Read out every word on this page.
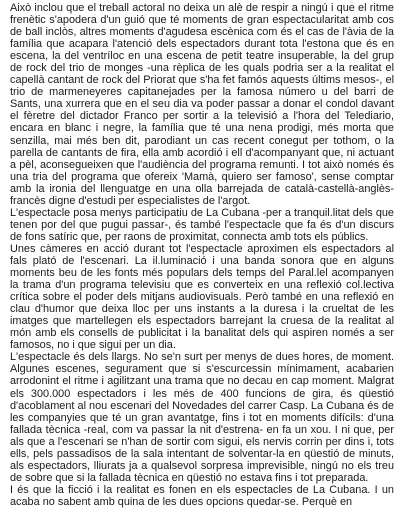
Això inclou que el treball actoral no deixa un alè de respir a ningú i que el ritme frenètic s'apodera d'un guió que té moments de gran espectacularitat amb cos de ball inclòs, altres moments d'agudesa escènica com és el cas de l'àvia de la família que acapara l'atenció dels espectadors durant tota l'estona que és en escena, la del ventríloc en una escena de petit teatre insuperable, la del grup de rock del trio de monges -una rèplica de les quals podria ser a la realitat el capellà cantant de rock del Priorat que s'ha fet famós aquests últims mesos-, el trio de marmeneyeres capitanejades per la famosa número u del barri de Sants, una xurrera que en el seu dia va poder passar a donar el condol davant el fèretre del dictador Franco per sortir a la televisió a l'hora del Telediario, encara en blanc i negre, la família que té una nena prodigi, més morta que senzilla, mai més ben dit, parodiant un cas recent conegut per tothom, o la parella de cantants de fira, ella amb acordió i ell d'acompanyant que, ni actuant a pèl, aconsegueixen que l'audiència del programa remunti. I tot això només és una tria del programa que ofereix 'Mamà, quiero ser famoso', sense comptar amb la ironia del llenguatge en una olla barrejada de català-castellà-anglès-francès digne d'estudi per especialistes de l'argot.

L'espectacle posa menys participatiu de La Cubana -per a tranquil.litat dels que tenen por del que pugui passar-, és també l'espectacle que fa és d'un discurs de fons satíric que, per raons de proximitat, connecta amb tots els públics.

Unes càmeres en acció durant tot l'espectacle aproximen els espectadors al fals plató de l'escenari. La il.luminació i una banda sonora que en alguns moments beu de les fonts més populars dels temps del Paral.lel acompanyen la trama d'un programa televisiu que es converteix en una reflexió col.lectiva crítica sobre el poder dels mitjans audiovisuals. Però també en una reflexió en clau d'humor que deixa lloc per uns instants a la duresa i la crueltat de les imatges que martellegen els espectadors barrejant la cruesa de la realitat al món amb els consells de publicitat i la banalitat dels qui aspiren només a ser famosos, no i que sigui per un dia.

L'espectacle és dels llargs. No se'n surt per menys de dues hores, de moment. Algunes escenes, segurament que si s'escurcessin mínimament, acabarien arrodonint el ritme i agilitzant una trama que no decau en cap moment. Malgrat els 300.000 espectadors i les més de 400 funcions de gira, és qüestió d'acoblament al nou escenari del Novedades del carrer Casp. La Cubana és de les companyies que té un gran avantatge, fins i tot en moments difícils: d'una fallada tècnica -real, com va passar la nit d'estrena- en fa un xou. I ni que, per als que a l'escenari se n'han de sortir com sigui, els nervis corrin per dins i, tots ells, pels passadisos de la sala intentant de solventar-la en qüestió de minuts, als espectadors, lliurats ja a qualsevol sorpresa imprevisible, ningú no els treu de sobre que si la fallada tècnica en qüestió no estava fins i tot preparada.

I és que la ficció i la realitat es fonen en els espectacles de La Cubana. I un acaba no sabent amb quina de les dues opcions quedar-se. Perquè en
